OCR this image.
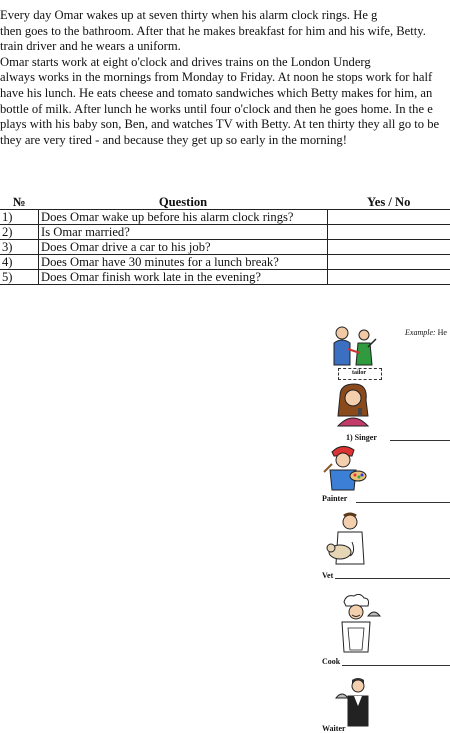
Every day Omar wakes up at seven thirty when his alarm clock rings. He g
then goes to the bathroom. After that he makes breakfast for him and his wife, Betty.
train driver and he wears a uniform.
Omar starts work at eight o'clock and drives trains on the London Underg
always works in the mornings from Monday to Friday. At noon he stops work for half
have his lunch. He eats cheese and tomato sandwiches which Betty makes for him, an
bottle of milk. After lunch he works until four o'clock and then he goes home. In the e
plays with his baby son, Ben, and watches TV with Betty. At ten thirty they all go to be
they are very tired - and because they get up so early in the morning!
№	Question	Yes / No
1)	Does Omar wake up before his alarm clock rings?	
2)	Is Omar married?	
3)	Does Omar drive a car to his job?	
4)	Does Omar have 30 minutes for a lunch break?	
5)	Does Omar finish work late in the evening?	
Example: He
tailor
1) Singer
Painter
Vet
Cook
Waiter
